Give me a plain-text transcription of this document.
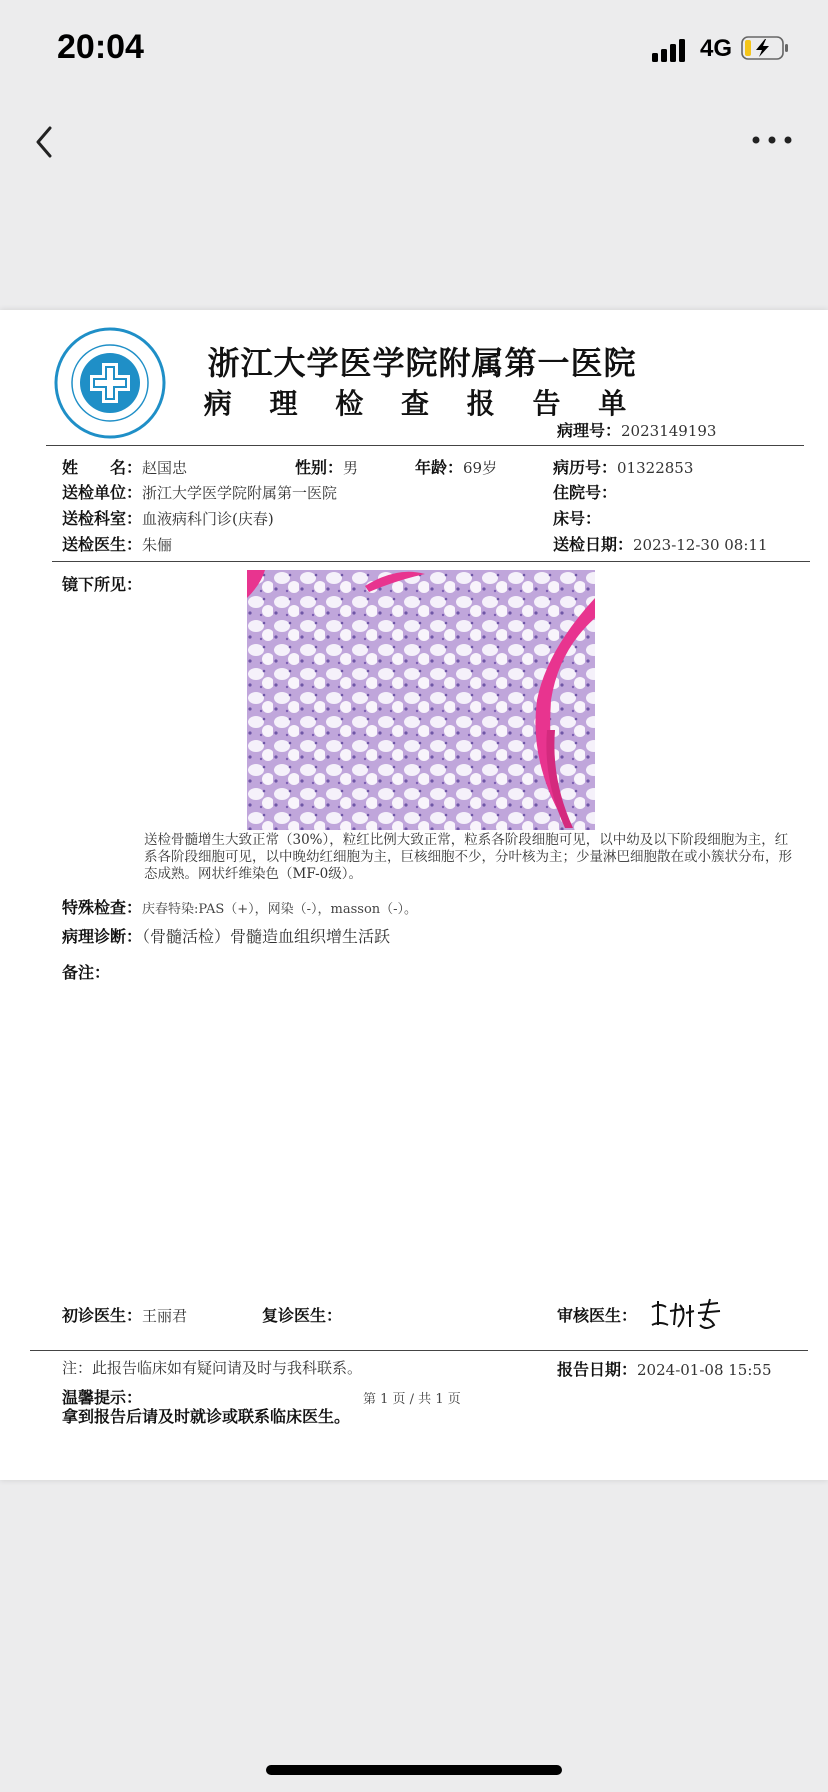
20:04	4G
浙江大学医学院附属第一医院
病 理 检 查 报 告 单
病理号：2023149193
姓　　名：赵国忠	性别：男	年龄：69岁	病历号：01322853
送检单位：浙江大学医学院附属第一医院	住院号：
送检科室：血液病科门诊(庆春)	床号：
送检医生：朱俪	送检日期：2023-12-30 08:11
镜下所见：
送检骨髓增生大致正常（30%），粒红比例大致正常，粒系各阶段细胞可见，以中幼及以下阶段细胞为主，红系各阶段细胞可见，以中晚幼红细胞为主，巨核细胞不少，分叶核为主；少量淋巴细胞散在或小簇状分布，形态成熟。网状纤维染色（MF-0级）。
特殊检查：庆春特染:PAS（+），网染（-），masson（-）。
病理诊断：（骨髓活检）骨髓造血组织增生活跃
备注：
初诊医生：王丽君	复诊医生：	审核医生：
注：此报告临床如有疑问请及时与我科联系。	报告日期：2024-01-08 15:55
温馨提示：	第 1 页 / 共 1 页
拿到报告后请及时就诊或联系临床医生。
